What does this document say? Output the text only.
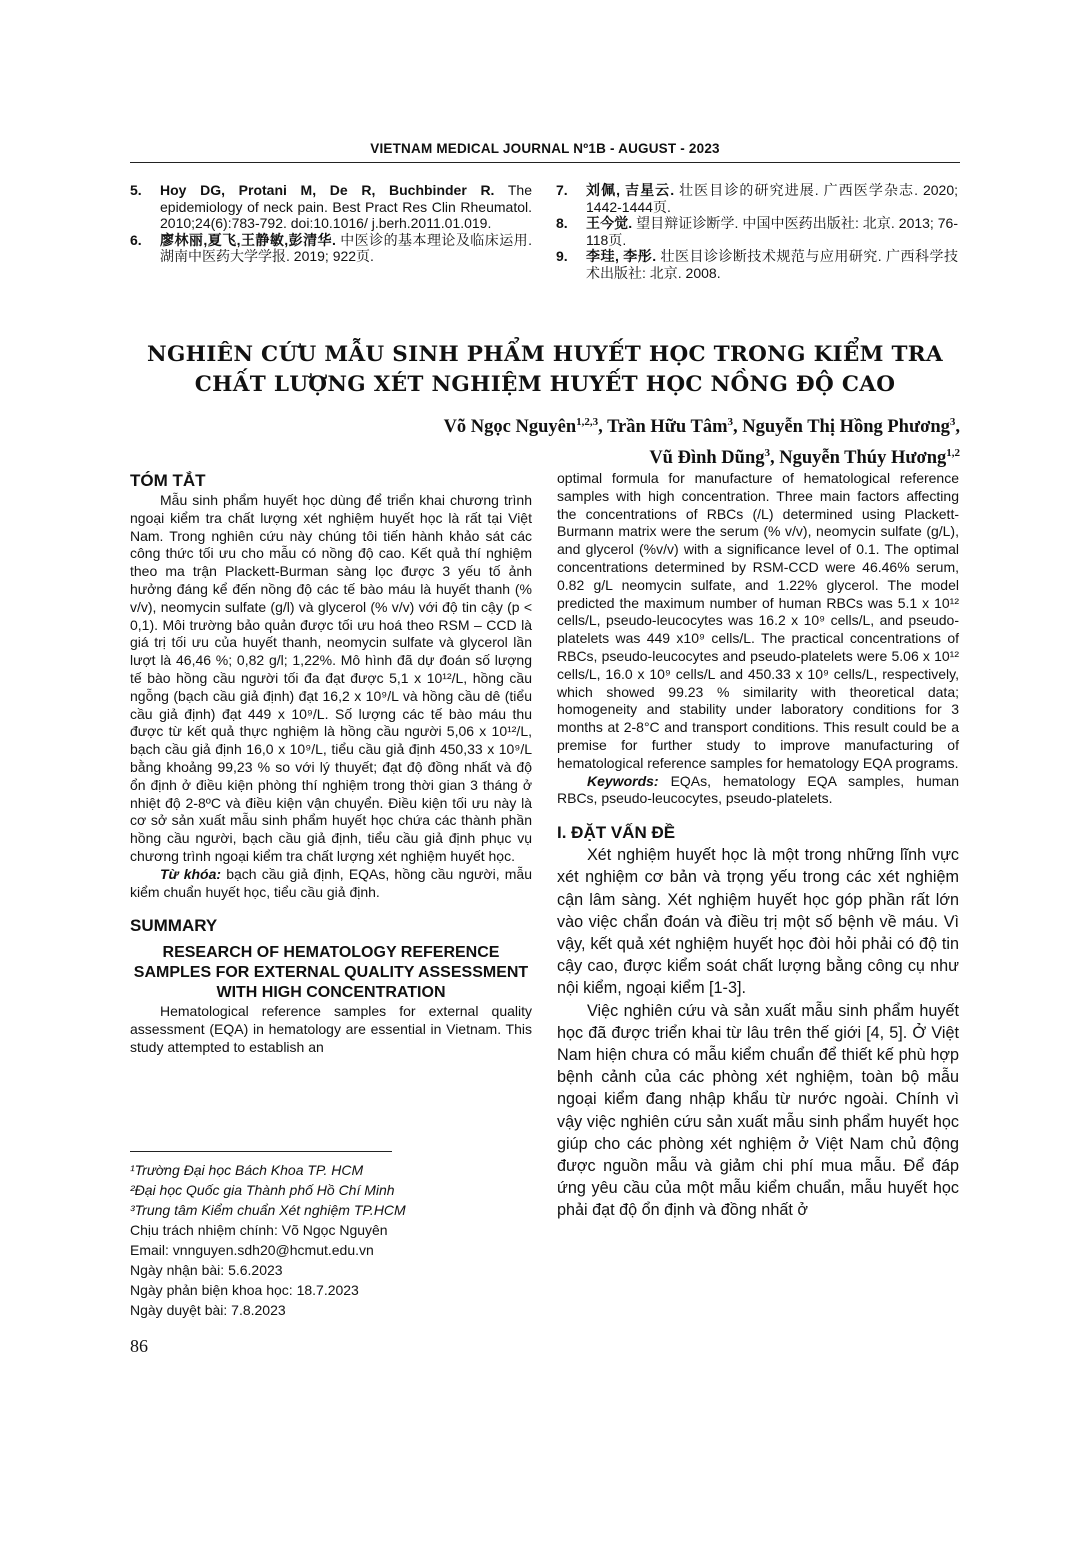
VIETNAM MEDICAL JOURNAL Nº1B - AUGUST - 2023
5.	Hoy DG, Protani M, De R, Buchbinder R. The epidemiology of neck pain. Best Pract Res Clin Rheumatol. 2010;24(6):783-792. doi:10.1016/ j.berh.2011.01.019.
6.	廖林丽,夏飞,王静敏,彭清华. 中医诊的基本理论及临床运用. 湖南中医药大学学报. 2019; 922页.
7.	刘佩, 吉星云. 壮医目诊的研究进展. 广西医学杂志. 2020; 1442-1444页.
8.	王今觉. 望目辩证诊断学. 中国中医药出版社: 北京. 2013; 76-118页.
9.	李珪, 李彤. 壮医目诊诊断技术规范与应用研究. 广西科学技术出版社: 北京. 2008.
NGHIÊN CỨU MẪU SINH PHẨM HUYẾT HỌC TRONG KIỂM TRA
CHẤT LƯỢNG XÉT NGHIỆM HUYẾT HỌC NỒNG ĐỘ CAO
Võ Ngọc Nguyên$^{1,2,3}$, Trần Hữu Tâm$^3$, Nguyễn Thị Hồng Phương$^3$,
Vũ Đình Dũng$^3$, Nguyễn Thúy Hương$^{1,2}$
TÓM TẮT

Mẫu sinh phẩm huyết học dùng để triển khai chương trình ngoại kiểm tra chất lượng xét nghiệm huyết học là rất tại Việt Nam. Trong nghiên cứu này chúng tôi tiến hành khảo sát các công thức tối ưu cho mẫu có nồng độ cao. Kết quả thí nghiệm theo ma trận Plackett-Burman sàng lọc được 3 yếu tố ảnh hưởng đáng kể đến nồng độ các tế bào máu là huyết thanh (% v/v), neomycin sulfate (g/l) và glycerol (% v/v) với độ tin cậy (p < 0,1). Môi trường bảo quản được tối ưu hoá theo RSM – CCD là giá trị tối ưu của huyết thanh, neomycin sulfate và glycerol lần lượt là 46,46 %; 0,82 g/l; 1,22%. Mô hình đã dự đoán số lượng tế bào hồng cầu người tối đa đạt được 5,1 x 10¹²/L, hồng cầu ngỗng (bạch cầu giả định) đạt 16,2 x 10⁹/L và hồng cầu dê (tiểu cầu giả định) đạt 449 x 10⁹/L. Số lượng các tế bào máu thu được từ kết quả thực nghiệm là hồng cầu người 5,06 x 10¹²/L, bạch cầu giả định 16,0 x 10⁹/L, tiểu cầu giả định 450,33 x 10⁹/L bằng khoảng 99,23 % so với lý thuyết; đạt độ đồng nhất và độ ổn định ở điều kiện phòng thí nghiệm trong thời gian 3 tháng ở nhiệt độ 2-8ºC và điều kiện vận chuyển. Điều kiện tối ưu này là cơ sở sản xuất mẫu sinh phẩm huyết học chứa các thành phần hồng cầu người, bạch cầu giả định, tiểu cầu giả định phục vụ chương trình ngoại kiểm tra chất lượng xét nghiệm huyết học.

Từ khóa: bạch cầu giả định, EQAs, hồng cầu người, mẫu kiểm chuẩn huyết học, tiểu cầu giả định.

SUMMARY
RESEARCH OF HEMATOLOGY REFERENCE SAMPLES FOR EXTERNAL QUALITY ASSESSMENT WITH HIGH CONCENTRATION

Hematological reference samples for external quality assessment (EQA) in hematology are essential in Vietnam. This study attempted to establish an

optimal formula for manufacture of hematological reference samples with high concentration. Three main factors affecting the concentrations of RBCs (/L) determined using Plackett-Burmann matrix were the serum (% v/v), neomycin sulfate (g/L), and glycerol (%v/v) with a significance level of 0.1. The optimal concentrations determined by RSM-CCD were 46.46% serum, 0.82 g/L neomycin sulfate, and 1.22% glycerol. The model predicted the maximum number of human RBCs was 5.1 x 10¹² cells/L, pseudo-leucocytes was 16.2 x 10⁹ cells/L, and pseudo-platelets was 449 x10⁹ cells/L. The practical concentrations of RBCs, pseudo-leucocytes and pseudo-platelets were 5.06 x 10¹² cells/L, 16.0 x 10⁹ cells/L and 450.33 x 10⁹ cells/L, respectively, which showed 99.23 % similarity with theoretical data; homogeneity and stability under laboratory conditions for 3 months at 2-8°C and transport conditions. This result could be a premise for further study to improve manufacturing of hematological reference samples for hematology EQA programs.

Keywords: EQAs, hematology EQA samples, human RBCs, pseudo-leucocytes, pseudo-platelets.

I. ĐẶT VẤN ĐỀ

Xét nghiệm huyết học là một trong những lĩnh vực xét nghiệm cơ bản và trọng yếu trong các xét nghiệm cận lâm sàng. Xét nghiệm huyết học góp phần rất lớn vào việc chẩn đoán và điều trị một số bệnh về máu. Vì vậy, kết quả xét nghiệm huyết học đòi hỏi phải có độ tin cậy cao, được kiểm soát chất lượng bằng công cụ như nội kiểm, ngoại kiểm [1-3].

Việc nghiên cứu và sản xuất mẫu sinh phẩm huyết học đã được triển khai từ lâu trên thế giới [4, 5]. Ở Việt Nam hiện chưa có mẫu kiểm chuẩn để thiết kế phù hợp bệnh cảnh của các phòng xét nghiệm, toàn bộ mẫu ngoại kiểm đang nhập khẩu từ nước ngoài. Chính vì vậy việc nghiên cứu sản xuất mẫu sinh phẩm huyết học giúp cho các phòng xét nghiệm ở Việt Nam chủ động được nguồn mẫu và giảm chi phí mua mẫu. Để đáp ứng yêu cầu của một mẫu kiểm chuẩn, mẫu huyết học phải đạt độ ổn định và đồng nhất ở

¹Trường Đại học Bách Khoa TP. HCM
²Đại học Quốc gia Thành phố Hồ Chí Minh
³Trung tâm Kiểm chuẩn Xét nghiệm TP.HCM
Chịu trách nhiệm chính: Võ Ngọc Nguyên
Email: vnnguyen.sdh20@hcmut.edu.vn
Ngày nhận bài: 5.6.2023
Ngày phản biện khoa học: 18.7.2023
Ngày duyệt bài: 7.8.2023
86
